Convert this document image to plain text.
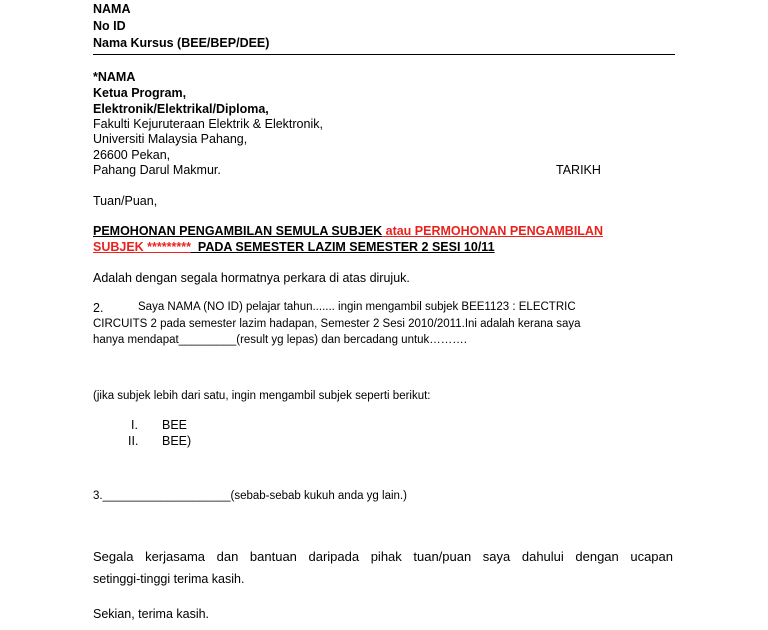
NAMA
No ID
Nama Kursus (BEE/BEP/DEE)
*NAMA
Ketua Program,
Elektronik/Elektrikal/Diploma,
Fakulti Kejuruteraan Elektrik & Elektronik,
Universiti Malaysia Pahang,
26600 Pekan,
Pahang Darul Makmur.	TARIKH
Tuan/Puan,
PEMOHONAN PENGAMBILAN SEMULA SUBJEK atau PERMOHONAN PENGAMBILAN
SUBJEK *********  PADA SEMESTER LAZIM SEMESTER 2 SESI 10/11
Adalah dengan segala hormatnya perkara di atas dirujuk.
2.	Saya NAMA (NO ID) pelajar tahun....... ingin mengambil subjek BEE1123 : ELECTRIC
CIRCUITS 2 pada semester lazim hadapan, Semester 2 Sesi 2010/2011.Ini adalah kerana saya
hanya mendapat_________(result yg lepas) dan bercadang untuk……….
(jika subjek lebih dari satu, ingin mengambil subjek seperti berikut:
I. BEE
II. BEE)
3.____________________(sebab-sebab kukuh anda yg lain.)
Segala kerjasama dan bantuan daripada pihak tuan/puan saya dahului dengan ucapan
setinggi-tinggi terima kasih.
Sekian, terima kasih.
